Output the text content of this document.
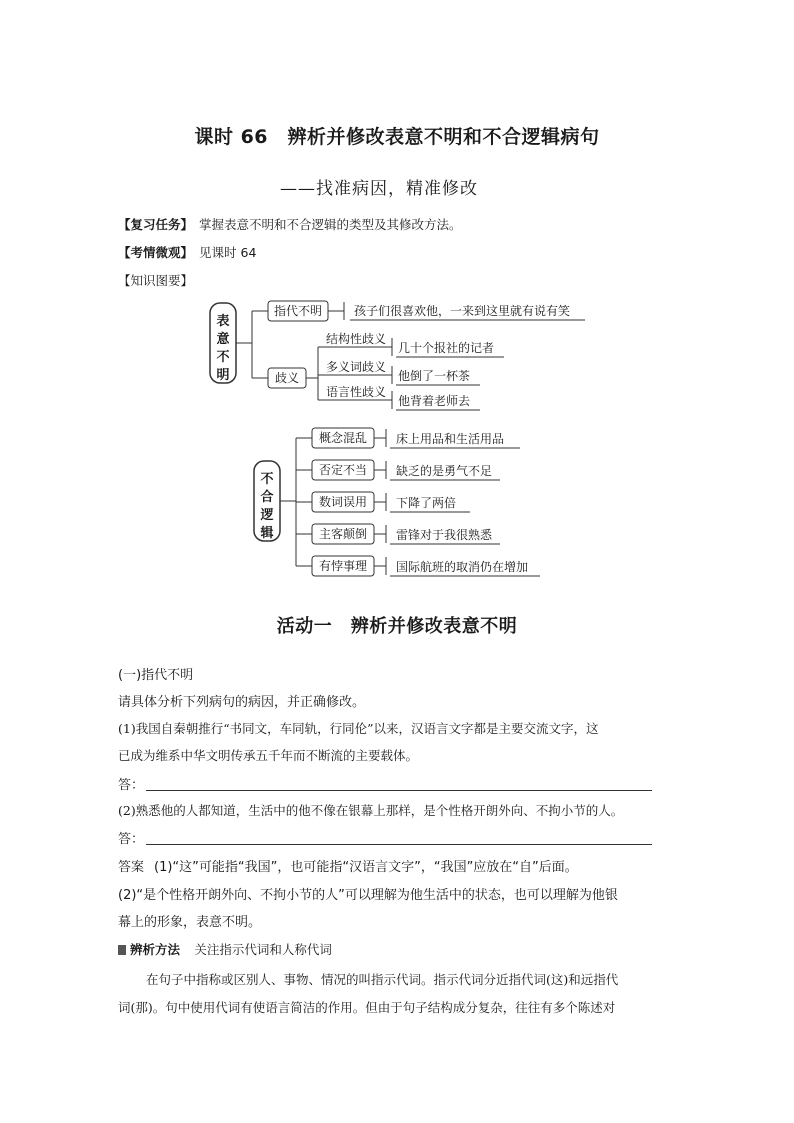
课时 66　辨析并修改表意不明和不合逻辑病句
——找准病因，精准修改
【复习任务】 掌握表意不明和不合逻辑的类型及其修改方法。
【考情微观】 见课时 64
【知识图要】
表
意
不
明
不
合
逻
辑
指代不明	孩子们很喜欢他，一来到这里就有说有笑
歧义
结构性歧义
多义词歧义
语言性歧义
几十个报社的记者
他倒了一杯茶
他背着老师去
概念混乱
否定不当
数词误用
主客颠倒
有悖事理
床上用品和生活用品
缺乏的是勇气不足
下降了两倍
雷锋对于我很熟悉
国际航班的取消仍在增加
活动一　辨析并修改表意不明
(一)指代不明
请具体分析下列病句的病因，并正确修改。
(1)我国自秦朝推行“书同文，车同轨，行同伦”以来，汉语言文字都是主要交流文字，这
已成为维系中华文明传承五千年而不断流的主要载体。
答：
(2)熟悉他的人都知道，生活中的他不像在银幕上那样，是个性格开朗外向、不拘小节的人。
答：
答案 (1)“这”可能指“我国”，也可能指“汉语言文字”，“我国”应放在“自”后面。
(2)“是个性格开朗外向、不拘小节的人”可以理解为他生活中的状态，也可以理解为他银
幕上的形象，表意不明。
辨析方法 关注指示代词和人称代词
在句子中指称或区别人、事物、情况的叫指示代词。指示代词分近指代词(这)和远指代
词(那)。句中使用代词有使语言简洁的作用。但由于句子结构成分复杂，往往有多个陈述对
